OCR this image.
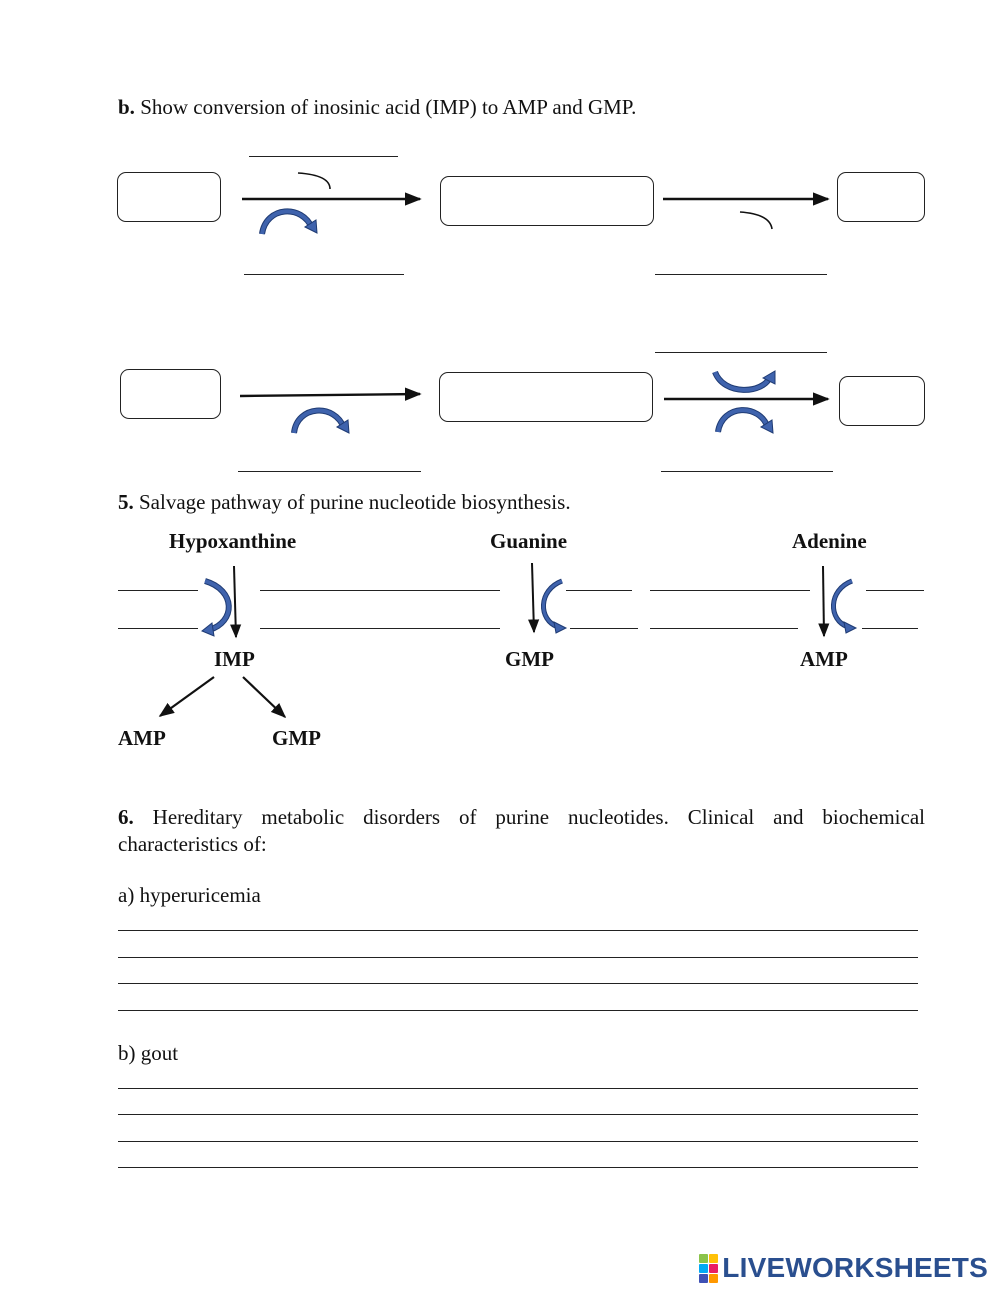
b. Show conversion of inosinic acid (IMP) to AMP and GMP.
5. Salvage pathway of purine nucleotide biosynthesis.
Hypoxanthine	Guanine	Adenine
IMP	GMP	AMP
AMP	GMP
6. Hereditary metabolic disorders of purine nucleotides. Clinical and biochemical characteristics of:
a) hyperuricemia
b) gout
LIVEWORKSHEETS
